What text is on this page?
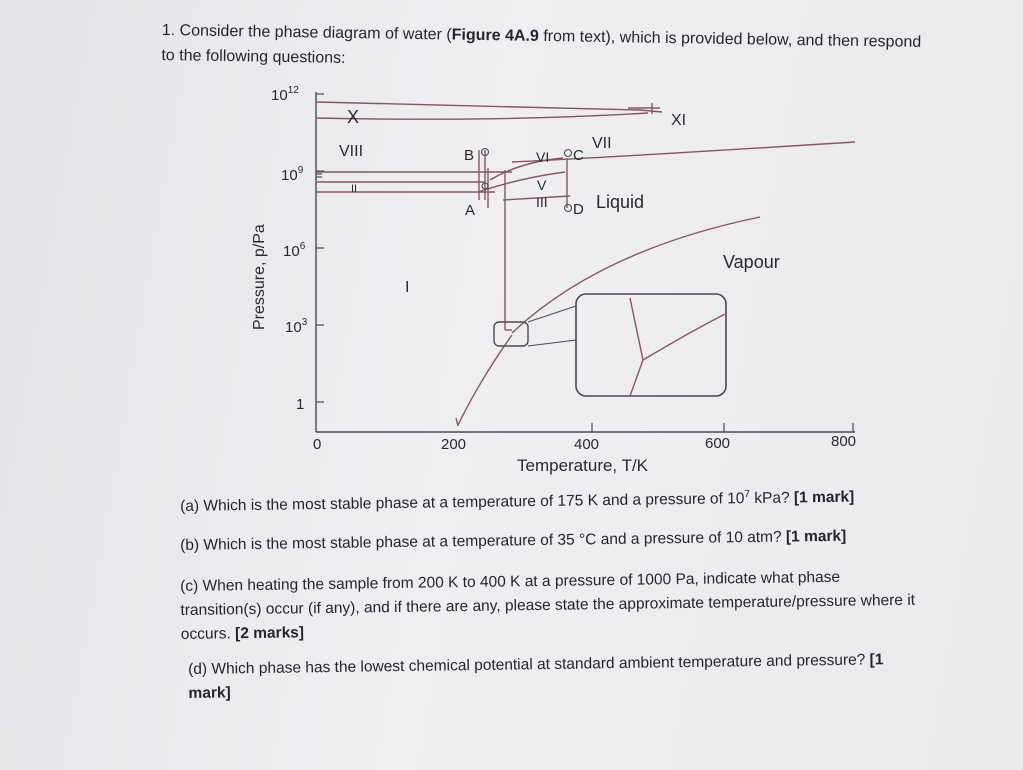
1. Consider the phase diagram of water (Figure 4A.9 from text), which is provided below, and then respond to the following questions:
Pressure, p/Pa
$10^{12}$
$10^9$
$10^6$
$10^3$
1
0	200	400	600	800
Temperature, T/K
X
VIII
XI
VII
VI
V
III
II
I
Liquid
Vapour
B
A
C
D
(a) Which is the most stable phase at a temperature of 175 K and a pressure of $10^7$ kPa? [1 mark]
(b) Which is the most stable phase at a temperature of 35 °C and a pressure of 10 atm? [1 mark]
(c) When heating the sample from 200 K to 400 K at a pressure of 1000 Pa, indicate what phase transition(s) occur (if any), and if there are any, please state the approximate temperature/pressure where it occurs. [2 marks]
(d) Which phase has the lowest chemical potential at standard ambient temperature and pressure? [1 mark]
